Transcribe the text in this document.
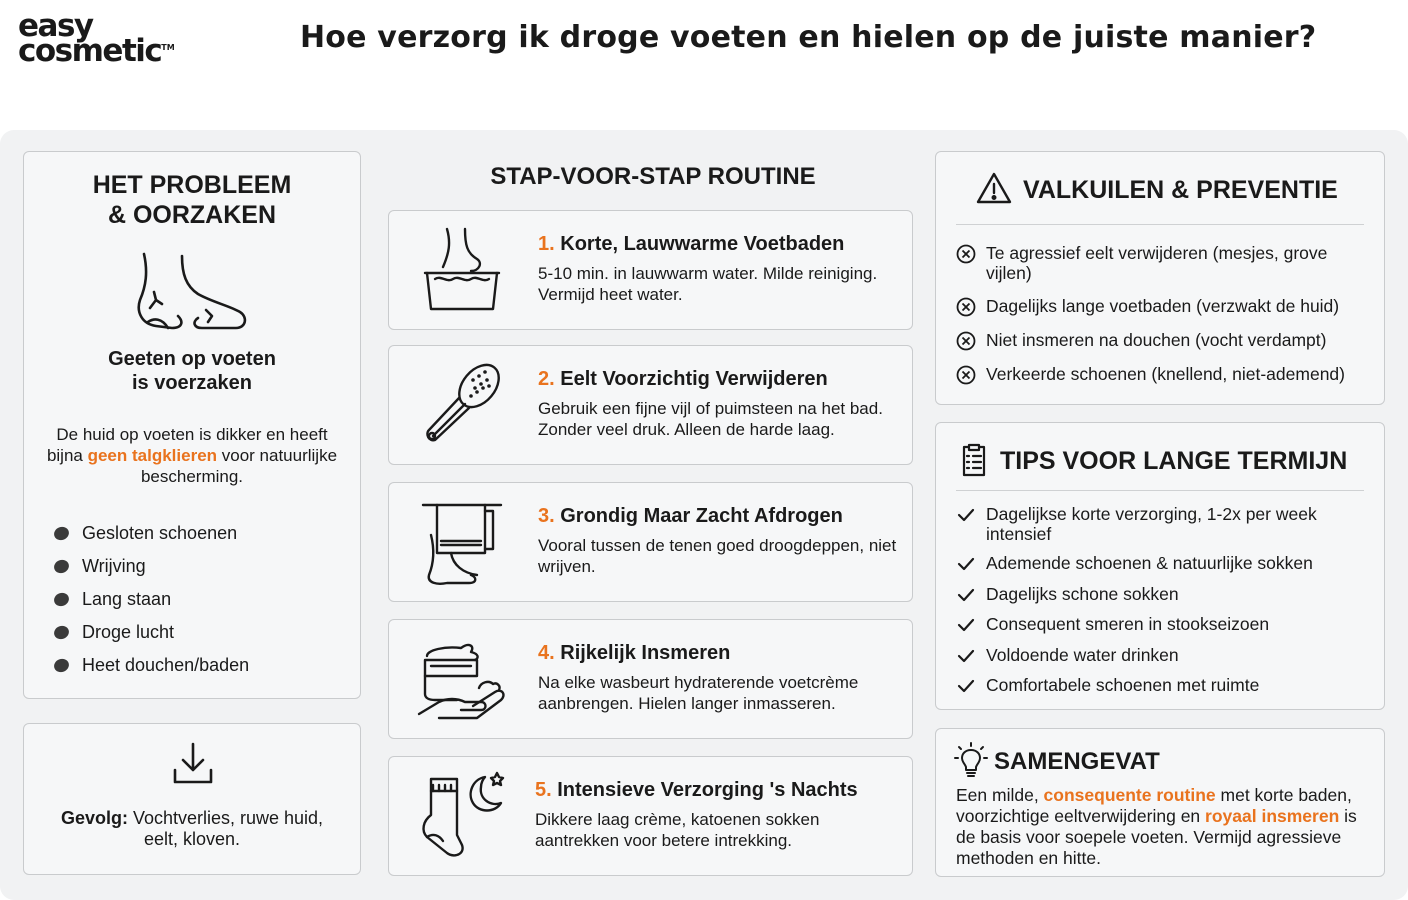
easy
cosmetic™	Hoe verzorg ik droge voeten en hielen op de juiste manier?
HET PROBLEEM
& OORZAKEN
Geeten op voeten
is voerzaken
De huid op voeten is dikker en heeft bijna geen talgklieren voor natuurlijke bescherming.
Gesloten schoenen
Wrijving
Lang staan
Droge lucht
Heet douchen/baden
Gevolg: Vochtverlies, ruwe huid, eelt, kloven.
STAP-VOOR-STAP ROUTINE
1. Korte, Lauwwarme Voetbaden
5-10 min. in lauwwarm water. Milde reiniging. Vermijd heet water.
2. Eelt Voorzichtig Verwijderen
Gebruik een fijne vijl of puimsteen na het bad. Zonder veel druk. Alleen de harde laag.
3. Grondig Maar Zacht Afdrogen
Vooral tussen de tenen goed droogdeppen, niet wrijven.
4. Rijkelijk Insmeren
Na elke wasbeurt hydraterende voetcrème aanbrengen. Hielen langer inmasseren.
5. Intensieve Verzorging 's Nachts
Dikkere laag crème, katoenen sokken aantrekken voor betere intrekking.
VALKUILEN & PREVENTIE
Te agressief eelt verwijderen (mesjes, grove vijlen)
Dagelijks lange voetbaden (verzwakt de huid)
Niet insmeren na douchen (vocht verdampt)
Verkeerde schoenen (knellend, niet-ademend)
TIPS VOOR LANGE TERMIJN
Dagelijkse korte verzorging, 1-2x per week intensief
Ademende schoenen & natuurlijke sokken
Dagelijks schone sokken
Consequent smeren in stookseizoen
Voldoende water drinken
Comfortabele schoenen met ruimte
SAMENGEVAT
Een milde, consequente routine met korte baden, voorzichtige eeltverwijdering en royaal insmeren is de basis voor soepele voeten. Vermijd agressieve methoden en hitte.
